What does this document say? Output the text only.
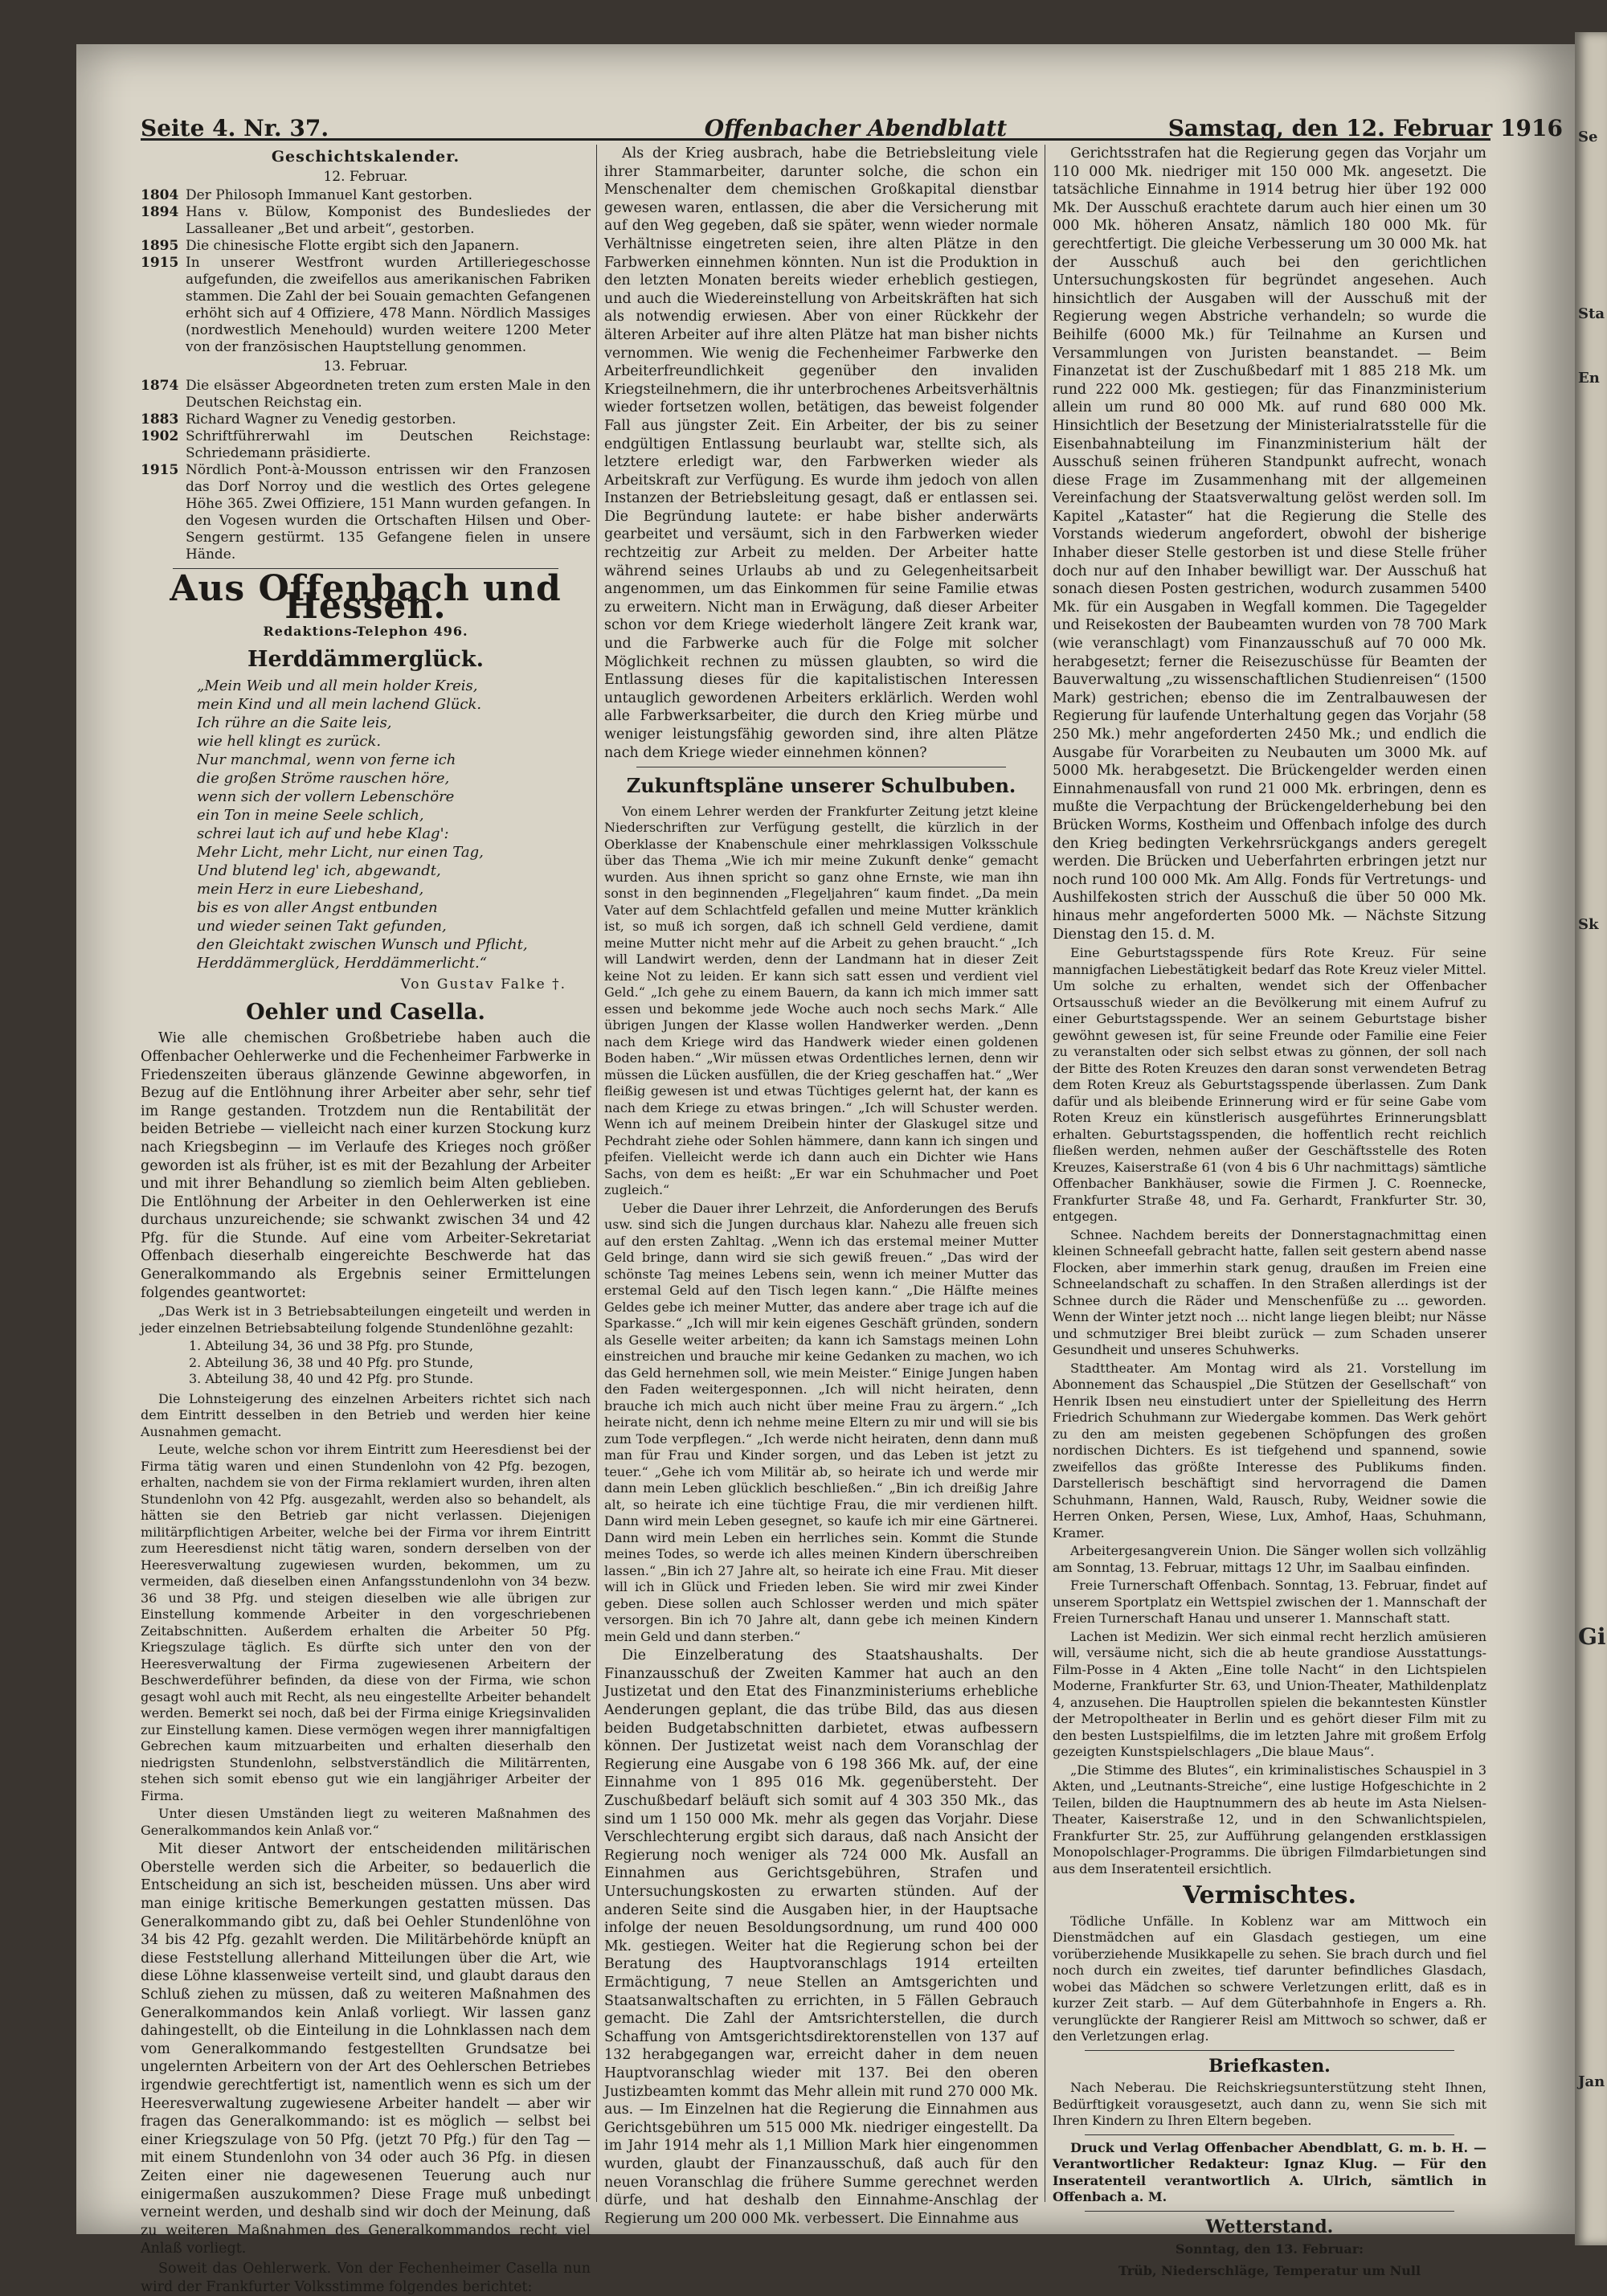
Seite 4. Nr. 37.	Offenbacher Abendblatt	Samstag, den 12. Februar 1916
Geschichtskalender.
12. Februar.
1804 Der Philosoph Immanuel Kant gestorben.
1894 Hans v. Bülow, Komponist des Bundesliedes der Lassalleaner „Bet und arbeit“, gestorben.
1895 Die chinesische Flotte ergibt sich den Japanern.
1915 In unserer Westfront wurden Artilleriegeschosse aufgefunden, die zweifellos aus amerikanischen Fabriken stammen. Die Zahl der bei Souain gemachten Gefangenen erhöht sich auf 4 Offiziere, 478 Mann. Nördlich Massiges (nordwestlich Menehould) wurden weitere 1200 Meter von der französischen Hauptstellung genommen.
13. Februar.
1874 Die elsässer Abgeordneten treten zum ersten Male in den Deutschen Reichstag ein.
1883 Richard Wagner zu Venedig gestorben.
1902 Schriftführerwahl im Deutschen Reichstage: Schriedemann präsidierte.
1915 Nördlich Pont-à-Mousson entrissen wir den Franzosen das Dorf Norroy und die westlich des Ortes gelegene Höhe 365. Zwei Offiziere, 151 Mann wurden gefangen. In den Vogesen wurden die Ortschaften Hilsen und Ober-Sengern gestürmt. 135 Gefangene fielen in unsere Hände.
Aus Offenbach und Hessen.
Redaktions-Telephon 496.
Herddämmerglück.
„Mein Weib und all mein holder Kreis,
mein Kind und all mein lachend Glück.
Ich rühre an die Saite leis,
wie hell klingt es zurück.
Nur manchmal, wenn von ferne ich
die großen Ströme rauschen höre,
wenn sich der vollern Lebenschöre
ein Ton in meine Seele schlich,
schrei laut ich auf und hebe Klag':
Mehr Licht, mehr Licht, nur einen Tag,
Und blutend leg' ich, abgewandt,
mein Herz in eure Liebeshand,
bis es von aller Angst entbunden
und wieder seinen Takt gefunden,
den Gleichtakt zwischen Wunsch und Pflicht,
Herddämmerglück, Herddämmerlicht.“
Von Gustav Falke †.
Oehler und Casella.

Wie alle chemischen Großbetriebe haben auch die Offenbacher Oehlerwerke und die Fechenheimer Farbwerke in Friedenszeiten überaus glänzende Gewinne abgeworfen, in Bezug auf die Entlöhnung ihrer Arbeiter aber sehr, sehr tief im Range gestanden. Trotzdem nun die Rentabilität der beiden Betriebe — vielleicht nach einer kurzen Stockung kurz nach Kriegsbeginn — im Verlaufe des Krieges noch größer geworden ist als früher, ist es mit der Bezahlung der Arbeiter und mit ihrer Behandlung so ziemlich beim Alten geblieben. Die Entlöhnung der Arbeiter in den Oehlerwerken ist eine durchaus unzureichende; sie schwankt zwischen 34 und 42 Pfg. für die Stunde. Auf eine vom Arbeiter-Sekretariat Offenbach dieserhalb eingereichte Beschwerde hat das Generalkommando als Ergebnis seiner Ermittelungen folgendes geantwortet:

„Das Werk ist in 3 Betriebsabteilungen eingeteilt und werden in jeder einzelnen Betriebsabteilung folgende Stundenlöhne gezahlt:

1. Abteilung 34, 36 und 38 Pfg. pro Stunde,
2. Abteilung 36, 38 und 40 Pfg. pro Stunde,
3. Abteilung 38, 40 und 42 Pfg. pro Stunde.

Die Lohnsteigerung des einzelnen Arbeiters richtet sich nach dem Eintritt desselben in den Betrieb und werden hier keine Ausnahmen gemacht.

Leute, welche schon vor ihrem Eintritt zum Heeresdienst bei der Firma tätig waren und einen Stundenlohn von 42 Pfg. bezogen, erhalten, nachdem sie von der Firma reklamiert wurden, ihren alten Stundenlohn von 42 Pfg. ausgezahlt, werden also so behandelt, als hätten sie den Betrieb gar nicht verlassen. Diejenigen militärpflichtigen Arbeiter, welche bei der Firma vor ihrem Eintritt zum Heeresdienst nicht tätig waren, sondern derselben von der Heeresverwaltung zugewiesen wurden, bekommen, um zu vermeiden, daß dieselben einen Anfangsstundenlohn von 34 bezw. 36 und 38 Pfg. und steigen dieselben wie alle übrigen zur Einstellung kommende Arbeiter in den vorgeschriebenen Zeitabschnitten. Außerdem erhalten die Arbeiter 50 Pfg. Kriegszulage täglich. Es dürfte sich unter den von der Heeresverwaltung der Firma zugewiesenen Arbeitern der Beschwerdeführer befinden, da diese von der Firma, wie schon gesagt wohl auch mit Recht, als neu eingestellte Arbeiter behandelt werden. Bemerkt sei noch, daß bei der Firma einige Kriegsinvaliden zur Einstellung kamen. Diese vermögen wegen ihrer mannigfaltigen Gebrechen kaum mitzuarbeiten und erhalten dieserhalb den niedrigsten Stundenlohn, selbstverständlich die Militärrenten, stehen sich somit ebenso gut wie ein langjähriger Arbeiter der Firma.

Unter diesen Umständen liegt zu weiteren Maßnahmen des Generalkommandos kein Anlaß vor.“

Mit dieser Antwort der entscheidenden militärischen Oberstelle werden sich die Arbeiter, so bedauerlich die Entscheidung an sich ist, bescheiden müssen. Uns aber wird man einige kritische Bemerkungen gestatten müssen. Das Generalkommando gibt zu, daß bei Oehler Stundenlöhne von 34 bis 42 Pfg. gezahlt werden. Die Militärbehörde knüpft an diese Feststellung allerhand Mitteilungen über die Art, wie diese Löhne klassenweise verteilt sind, und glaubt daraus den Schluß ziehen zu müssen, daß zu weiteren Maßnahmen des Generalkommandos kein Anlaß vorliegt. Wir lassen ganz dahingestellt, ob die Einteilung in die Lohnklassen nach dem vom Generalkommando festgestellten Grundsatze bei ungelernten Arbeitern von der Art des Oehlerschen Betriebes irgendwie gerechtfertigt ist, namentlich wenn es sich um der Heeresverwaltung zugewiesene Arbeiter handelt — aber wir fragen das Generalkommando: ist es möglich — selbst bei einer Kriegszulage von 50 Pfg. (jetzt 70 Pfg.) für den Tag — mit einem Stundenlohn von 34 oder auch 36 Pfg. in diesen Zeiten einer nie dagewesenen Teuerung auch nur einigermaßen auszukommen? Diese Frage muß unbedingt verneint werden, und deshalb sind wir doch der Meinung, daß zu weiteren Maßnahmen des Generalkommandos recht viel Anlaß vorliegt.

Soweit das Oehlerwerk. Von der Fechenheimer Casella nun wird der Frankfurter Volksstimme folgendes berichtet:

Als der Krieg ausbrach, habe die Betriebsleitung viele ihrer Stammarbeiter, darunter solche, die schon ein Menschenalter dem chemischen Großkapital dienstbar gewesen waren, entlassen, die aber die Versicherung mit auf den Weg gegeben, daß sie später, wenn wieder normale Verhältnisse eingetreten seien, ihre alten Plätze in den Farbwerken einnehmen könnten. Nun ist die Produktion in den letzten Monaten bereits wieder erheblich gestiegen, und auch die Wiedereinstellung von Arbeitskräften hat sich als notwendig erwiesen. Aber von einer Rückkehr der älteren Arbeiter auf ihre alten Plätze hat man bisher nichts vernommen. Wie wenig die Fechenheimer Farbwerke den Arbeiterfreundlichkeit gegenüber den invaliden Kriegsteilnehmern, die ihr unterbrochenes Arbeitsverhältnis wieder fortsetzen wollen, betätigen, das beweist folgender Fall aus jüngster Zeit. Ein Arbeiter, der bis zu seiner endgültigen Entlassung beurlaubt war, stellte sich, als letztere erledigt war, den Farbwerken wieder als Arbeitskraft zur Verfügung. Es wurde ihm jedoch von allen Instanzen der Betriebsleitung gesagt, daß er entlassen sei. Die Begründung lautete: er habe bisher anderwärts gearbeitet und versäumt, sich in den Farbwerken wieder rechtzeitig zur Arbeit zu melden. Der Arbeiter hatte während seines Urlaubs ab und zu Gelegenheitsarbeit angenommen, um das Einkommen für seine Familie etwas zu erweitern. Nicht man in Erwägung, daß dieser Arbeiter schon vor dem Kriege wiederholt längere Zeit krank war, und die Farbwerke auch für die Folge mit solcher Möglichkeit rechnen zu müssen glaubten, so wird die Entlassung dieses für die kapitalistischen Interessen untauglich gewordenen Arbeiters erklärlich. Werden wohl alle Farbwerksarbeiter, die durch den Krieg mürbe und weniger leistungsfähig geworden sind, ihre alten Plätze nach dem Kriege wieder einnehmen können?

Zukunftspläne unserer Schulbuben.

Von einem Lehrer werden der Frankfurter Zeitung jetzt kleine Niederschriften zur Verfügung gestellt, die kürzlich in der Oberklasse der Knabenschule einer mehrklassigen Volksschule über das Thema „Wie ich mir meine Zukunft denke“ gemacht wurden. Aus ihnen spricht so ganz ohne Ernste, wie man ihn sonst in den beginnenden „Flegeljahren“ kaum findet. „Da mein Vater auf dem Schlachtfeld gefallen und meine Mutter kränklich ist, so muß ich sorgen, daß ich schnell Geld verdiene, damit meine Mutter nicht mehr auf die Arbeit zu gehen braucht.“ „Ich will Landwirt werden, denn der Landmann hat in dieser Zeit keine Not zu leiden. Er kann sich satt essen und verdient viel Geld.“ „Ich gehe zu einem Bauern, da kann ich mich immer satt essen und bekomme jede Woche auch noch sechs Mark.“ Alle übrigen Jungen der Klasse wollen Handwerker werden. „Denn nach dem Kriege wird das Handwerk wieder einen goldenen Boden haben.“ „Wir müssen etwas Ordentliches lernen, denn wir müssen die Lücken ausfüllen, die der Krieg geschaffen hat.“ „Wer fleißig gewesen ist und etwas Tüchtiges gelernt hat, der kann es nach dem Kriege zu etwas bringen.“ „Ich will Schuster werden. Wenn ich auf meinem Dreibein hinter der Glaskugel sitze und Pechdraht ziehe oder Sohlen hämmere, dann kann ich singen und pfeifen. Vielleicht werde ich dann auch ein Dichter wie Hans Sachs, von dem es heißt: „Er war ein Schuhmacher und Poet zugleich.“

Ueber die Dauer ihrer Lehrzeit, die Anforderungen des Berufs usw. sind sich die Jungen durchaus klar. Nahezu alle freuen sich auf den ersten Zahltag. „Wenn ich das erstemal meiner Mutter Geld bringe, dann wird sie sich gewiß freuen.“ „Das wird der schönste Tag meines Lebens sein, wenn ich meiner Mutter das erstemal Geld auf den Tisch legen kann.“ „Die Hälfte meines Geldes gebe ich meiner Mutter, das andere aber trage ich auf die Sparkasse.“ „Ich will mir kein eigenes Geschäft gründen, sondern als Geselle weiter arbeiten; da kann ich Samstags meinen Lohn einstreichen und brauche mir keine Gedanken zu machen, wo ich das Geld hernehmen soll, wie mein Meister.“ Einige Jungen haben den Faden weitergesponnen. „Ich will nicht heiraten, denn brauche ich mich auch nicht über meine Frau zu ärgern.“ „Ich heirate nicht, denn ich nehme meine Eltern zu mir und will sie bis zum Tode verpflegen.“ „Ich werde nicht heiraten, denn dann muß man für Frau und Kinder sorgen, und das Leben ist jetzt zu teuer.“ „Gehe ich vom Militär ab, so heirate ich und werde mir dann mein Leben glücklich beschließen.“ „Bin ich dreißig Jahre alt, so heirate ich eine tüchtige Frau, die mir verdienen hilft. Dann wird mein Leben gesegnet, so kaufe ich mir eine Gärtnerei. Dann wird mein Leben ein herrliches sein. Kommt die Stunde meines Todes, so werde ich alles meinen Kindern überschreiben lassen.“ „Bin ich 27 Jahre alt, so heirate ich eine Frau. Mit dieser will ich in Glück und Frieden leben. Sie wird mir zwei Kinder geben. Diese sollen auch Schlosser werden und mich später versorgen. Bin ich 70 Jahre alt, dann gebe ich meinen Kindern mein Geld und dann sterben.“

Die Einzelberatung des Staatshaushalts. Der Finanzausschuß der Zweiten Kammer hat auch an den Justizetat und den Etat des Finanzministeriums erhebliche Aenderungen geplant, die das trübe Bild, das aus diesen beiden Budgetabschnitten darbietet, etwas aufbessern können. Der Justizetat weist nach dem Voranschlag der Regierung eine Ausgabe von 6 198 366 Mk. auf, der eine Einnahme von 1 895 016 Mk. gegenübersteht. Der Zuschußbedarf beläuft sich somit auf 4 303 350 Mk., das sind um 1 150 000 Mk. mehr als gegen das Vorjahr. Diese Verschlechterung ergibt sich daraus, daß nach Ansicht der Regierung noch weniger als 724 000 Mk. Ausfall an Einnahmen aus Gerichtsgebühren, Strafen und Untersuchungskosten zu erwarten stünden. Auf der anderen Seite sind die Ausgaben hier, in der Hauptsache infolge der neuen Besoldungsordnung, um rund 400 000 Mk. gestiegen. Weiter hat die Regierung schon bei der Beratung des Hauptvoranschlags 1914 erteilten Ermächtigung, 7 neue Stellen an Amtsgerichten und Staatsanwaltschaften zu errichten, in 5 Fällen Gebrauch gemacht. Die Zahl der Amtsrichterstellen, die durch Schaffung von Amtsgerichtsdirektorenstellen von 137 auf 132 herabgegangen war, erreicht daher in dem neuen Hauptvoranschlag wieder mit 137. Bei den oberen Justizbeamten kommt das Mehr allein mit rund 270 000 Mk. aus. — Im Einzelnen hat die Regierung die Einnahmen aus Gerichtsgebühren um 515 000 Mk. niedriger eingestellt. Da im Jahr 1914 mehr als 1,1 Million Mark hier eingenommen wurden, glaubt der Finanzausschuß, daß auch für den neuen Voranschlag die frühere Summe gerechnet werden dürfe, und hat deshalb den Einnahme-Anschlag der Regierung um 200 000 Mk. verbessert. Die Einnahme aus

Gerichtsstrafen hat die Regierung gegen das Vorjahr um 110 000 Mk. niedriger mit 150 000 Mk. angesetzt. Die tatsächliche Einnahme in 1914 betrug hier über 192 000 Mk. Der Ausschuß erachtete darum auch hier einen um 30 000 Mk. höheren Ansatz, nämlich 180 000 Mk. für gerechtfertigt. Die gleiche Verbesserung um 30 000 Mk. hat der Ausschuß auch bei den gerichtlichen Untersuchungskosten für begründet angesehen. Auch hinsichtlich der Ausgaben will der Ausschuß mit der Regierung wegen Abstriche verhandeln; so wurde die Beihilfe (6000 Mk.) für Teilnahme an Kursen und Versammlungen von Juristen beanstandet. — Beim Finanzetat ist der Zuschußbedarf mit 1 885 218 Mk. um rund 222 000 Mk. gestiegen; für das Finanzministerium allein um rund 80 000 Mk. auf rund 680 000 Mk. Hinsichtlich der Besetzung der Ministerialratsstelle für die Eisenbahnabteilung im Finanzministerium hält der Ausschuß seinen früheren Standpunkt aufrecht, wonach diese Frage im Zusammenhang mit der allgemeinen Vereinfachung der Staatsverwaltung gelöst werden soll. Im Kapitel „Kataster“ hat die Regierung die Stelle des Vorstands wiederum angefordert, obwohl der bisherige Inhaber dieser Stelle gestorben ist und diese Stelle früher doch nur auf den Inhaber bewilligt war. Der Ausschuß hat sonach diesen Posten gestrichen, wodurch zusammen 5400 Mk. für ein Ausgaben in Wegfall kommen. Die Tagegelder und Reisekosten der Baubeamten wurden von 78 700 Mark (wie veranschlagt) vom Finanzausschuß auf 70 000 Mk. herabgesetzt; ferner die Reisezuschüsse für Beamten der Bauverwaltung „zu wissenschaftlichen Studienreisen“ (1500 Mark) gestrichen; ebenso die im Zentralbauwesen der Regierung für laufende Unterhaltung gegen das Vorjahr (58 250 Mk.) mehr angeforderten 2450 Mk.; und endlich die Ausgabe für Vorarbeiten zu Neubauten um 3000 Mk. auf 5000 Mk. herabgesetzt. Die Brückengelder werden einen Einnahmenausfall von rund 21 000 Mk. erbringen, denn es mußte die Verpachtung der Brückengelderhebung bei den Brücken Worms, Kostheim und Offenbach infolge des durch den Krieg bedingten Verkehrsrückgangs anders geregelt werden. Die Brücken und Ueberfahrten erbringen jetzt nur noch rund 100 000 Mk. Am Allg. Fonds für Vertretungs- und Aushilfekosten strich der Ausschuß die über 50 000 Mk. hinaus mehr angeforderten 5000 Mk. — Nächste Sitzung Dienstag den 15. d. M.

Eine Geburtstagsspende fürs Rote Kreuz. Für seine mannigfachen Liebestätigkeit bedarf das Rote Kreuz vieler Mittel. Um solche zu erhalten, wendet sich der Offenbacher Ortsausschuß wieder an die Bevölkerung mit einem Aufruf zu einer Geburtstagsspende. Wer an seinem Geburtstage bisher gewöhnt gewesen ist, für seine Freunde oder Familie eine Feier zu veranstalten oder sich selbst etwas zu gönnen, der soll nach der Bitte des Roten Kreuzes den daran sonst verwendeten Betrag dem Roten Kreuz als Geburtstagsspende überlassen. Zum Dank dafür und als bleibende Erinnerung wird er für seine Gabe vom Roten Kreuz ein künstlerisch ausgeführtes Erinnerungsblatt erhalten. Geburtstagsspenden, die hoffentlich recht reichlich fließen werden, nehmen außer der Geschäftsstelle des Roten Kreuzes, Kaiserstraße 61 (von 4 bis 6 Uhr nachmittags) sämtliche Offenbacher Bankhäuser, sowie die Firmen J. C. Roennecke, Frankfurter Straße 48, und Fa. Gerhardt, Frankfurter Str. 30, entgegen.

Schnee. Nachdem bereits der Donnerstagnachmittag einen kleinen Schneefall gebracht hatte, fallen seit gestern abend nasse Flocken, aber immerhin stark genug, draußen im Freien eine Schneelandschaft zu schaffen. In den Straßen allerdings ist der Schnee durch die Räder und Menschenfüße zu ... geworden. Wenn der Winter jetzt noch ... nicht lange liegen bleibt; nur Nässe und schmutziger Brei bleibt zurück — zum Schaden unserer Gesundheit und unseres Schuhwerks.

Stadttheater. Am Montag wird als 21. Vorstellung im Abonnement das Schauspiel „Die Stützen der Gesellschaft“ von Henrik Ibsen neu einstudiert unter der Spielleitung des Herrn Friedrich Schuhmann zur Wiedergabe kommen. Das Werk gehört zu den am meisten gegebenen Schöpfungen des großen nordischen Dichters. Es ist tiefgehend und spannend, sowie zweifellos das größte Interesse des Publikums finden. Darstellerisch beschäftigt sind hervorragend die Damen Schuhmann, Hannen, Wald, Rausch, Ruby, Weidner sowie die Herren Onken, Persen, Wiese, Lux, Amhof, Haas, Schuhmann, Kramer.

Arbeitergesangverein Union. Die Sänger wollen sich vollzählig am Sonntag, 13. Februar, mittags 12 Uhr, im Saalbau einfinden.

Freie Turnerschaft Offenbach. Sonntag, 13. Februar, findet auf unserem Sportplatz ein Wettspiel zwischen der 1. Mannschaft der Freien Turnerschaft Hanau und unserer 1. Mannschaft statt.

Lachen ist Medizin. Wer sich einmal recht herzlich amüsieren will, versäume nicht, sich die ab heute grandiose Ausstattungs-Film-Posse in 4 Akten „Eine tolle Nacht“ in den Lichtspielen Moderne, Frankfurter Str. 63, und Union-Theater, Mathildenplatz 4, anzusehen. Die Hauptrollen spielen die bekanntesten Künstler der Metropoltheater in Berlin und es gehört dieser Film mit zu den besten Lustspielfilms, die im letzten Jahre mit großem Erfolg gezeigten Kunstspielschlagers „Die blaue Maus“.

„Die Stimme des Blutes“, ein kriminalistisches Schauspiel in 3 Akten, und „Leutnants-Streiche“, eine lustige Hofgeschichte in 2 Teilen, bilden die Hauptnummern des ab heute im Asta Nielsen-Theater, Kaiserstraße 12, und in den Schwanlichtspielen, Frankfurter Str. 25, zur Aufführung gelangenden erstklassigen Monopolschlager-Programms. Die übrigen Filmdarbietungen sind aus dem Inseratenteil ersichtlich.

Vermischtes.

Tödliche Unfälle. In Koblenz war am Mittwoch ein Dienstmädchen auf ein Glasdach gestiegen, um eine vorüberziehende Musikkapelle zu sehen. Sie brach durch und fiel noch durch ein zweites, tief darunter befindliches Glasdach, wobei das Mädchen so schwere Verletzungen erlitt, daß es in kurzer Zeit starb. — Auf dem Güterbahnhofe in Engers a. Rh. verunglückte der Rangierer Reisl am Mittwoch so schwer, daß er den Verletzungen erlag.

Briefkasten.

Nach Neberau. Die Reichskriegsunterstützung steht Ihnen, Bedürftigkeit vorausgesetzt, auch dann zu, wenn Sie sich mit Ihren Kindern zu Ihren Eltern begeben.

Druck und Verlag Offenbacher Abendblatt, G. m. b. H. — Verantwortlicher Redakteur: Ignaz Klug. — Für den Inseratenteil verantwortlich A. Ulrich, sämtlich in Offenbach a. M.

Wetterstand.
Sonntag, den 13. Februar:
Trüb, Niederschläge, Temperatur um Null
Se
Sta
En
Sk
Gi
Jan
